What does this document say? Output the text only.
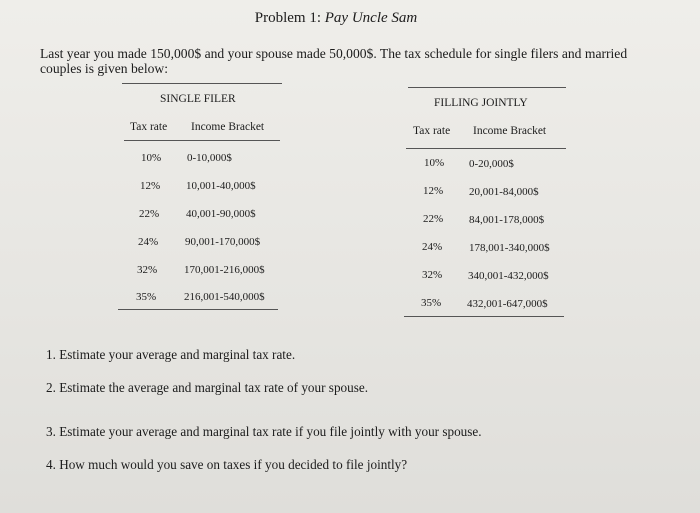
Problem 1: Pay Uncle Sam
Last year you made 150,000$ and your spouse made 50,000$. The tax schedule for single filers and married couples is given below:
SINGLE FILER
Tax rate Income Bracket
10% 0-10,000$
12% 10,001-40,000$
22% 40,001-90,000$
24% 90,001-170,000$
32% 170,001-216,000$
35%	216,001-540,000$
FILLING JOINTLY
Tax rate Income Bracket
10% 0-20,000$
12% 20,001-84,000$
22% 84,001-178,000$
24% 178,001-340,000$
32% 340,001-432,000$
35% 432,001-647,000$
1. Estimate your average and marginal tax rate.
2. Estimate the average and marginal tax rate of your spouse.
3. Estimate your average and marginal tax rate if you file jointly with your spouse.
4. How much would you save on taxes if you decided to file jointly?
